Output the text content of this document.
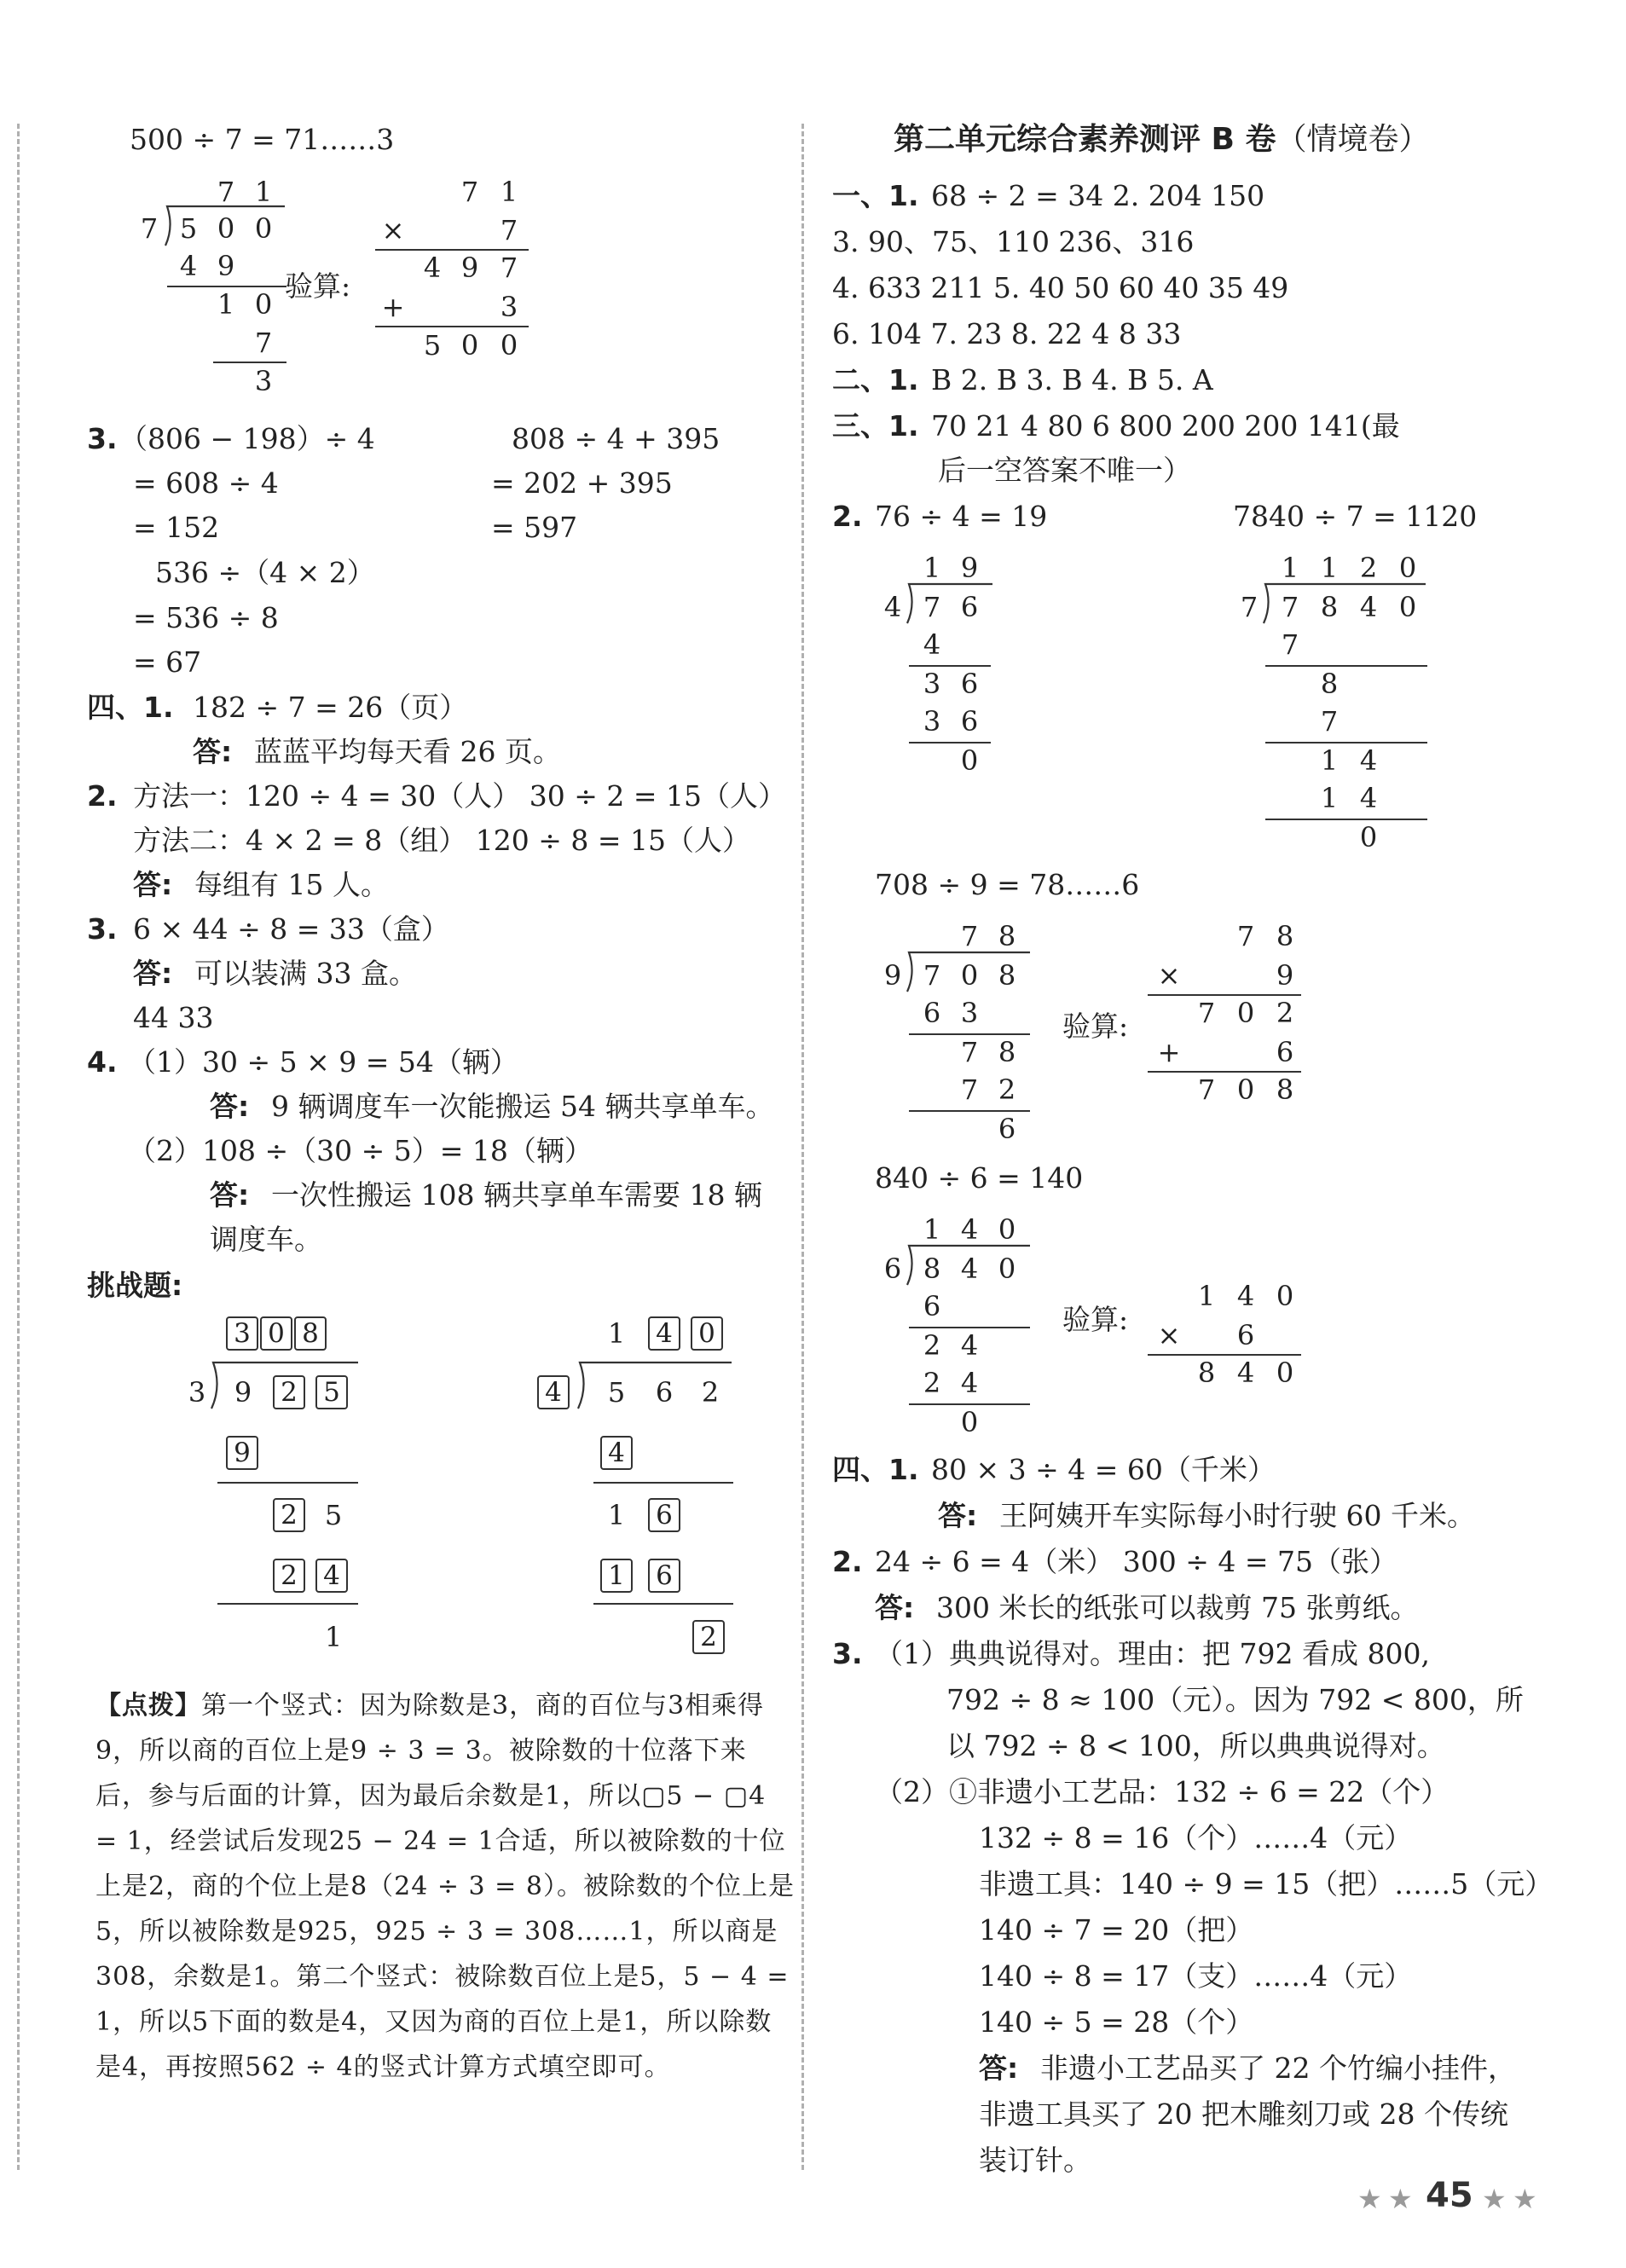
500 ÷ 7 = 71……3
7 1
7 5 0 0
4 9
1 0
7
3
验算:
7 1
×	7
4 9 7
+	3
5 0 0
3. （806 − 198）÷ 4
= 608 ÷ 4
= 152
808 ÷ 4 + 395
= 202 + 395
= 597
536 ÷（4 × 2）
= 536 ÷ 8
= 67
四、1. 182 ÷ 7 = 26（页）
答: 蓝蓝平均每天看 26 页。
2. 方法一：120 ÷ 4 = 30（人） 30 ÷ 2 = 15（人）
方法二：4 × 2 = 8（组） 120 ÷ 8 = 15（人）
答: 每组有 15 人。
3. 6 × 44 ÷ 8 = 33（盒）
答: 可以装满 33 盒。
44 33
4. （1）30 ÷ 5 × 9 = 54（辆）
答: 9 辆调度车一次能搬运 54 辆共享单车。
（2）108 ÷（30 ÷ 5）= 18（辆）
答: 一次性搬运 108 辆共享单车需要 18 辆
调度车。
挑战题:
3 0 8
3 9 2 5
9
2 5
2 4
1
1 4 0
4 5 6 2
4
1 6
1 6
2
【点拨】第一个竖式：因为除数是3，商的百位与3相乘得9，所以商的百位上是9 ÷ 3 = 3。被除数的十位落下来后，参与后面的计算，因为最后余数是1，所以▢5 − ▢4 = 1，经尝试后发现25 − 24 = 1合适，所以被除数的十位上是2，商的个位上是8（24 ÷ 3 = 8）。被除数的个位上是5，所以被除数是925，925 ÷ 3 = 308……1，所以商是308，余数是1。第二个竖式：被除数百位上是5，5 − 4 = 1，所以5下面的数是4，又因为商的百位上是1，所以除数是4，再按照562 ÷ 4的竖式计算方式填空即可。
第二单元综合素养测评 B 卷（情境卷）
一、1. 68 ÷ 2 = 34 2. 204 150
3. 90、75、110 236、316
4. 633 211 5. 40 50 60 40 35 49
6. 104 7. 23 8. 22 4 8 33
二、1. B 2. B 3. B 4. B 5. A
三、1. 70 21 4 80 6 800 200 200 141(最
后一空答案不唯一）
2. 76 ÷ 4 = 19	7840 ÷ 7 = 1120
1 9
4 7 6
4
3 6
3 6
0
1 1 2 0
7 7 8 4 0
7
8
7
1 4
1 4
0
708 ÷ 9 = 78……6
7 8
9 7 0 8
6 3
7 8
7 2
6
验算:
7 8
×	9
7 0 2
+	6
7 0 8
840 ÷ 6 = 140
1 4 0
6 8 4 0
6
2 4
2 4
0
验算:
1 4 0
× 6
8 4 0
四、1. 80 × 3 ÷ 4 = 60（千米）
答: 王阿姨开车实际每小时行驶 60 千米。
2. 24 ÷ 6 = 4（米） 300 ÷ 4 = 75（张）
答: 300 米长的纸张可以裁剪 75 张剪纸。
3. （1）典典说得对。理由：把 792 看成 800,
792 ÷ 8 ≈ 100（元）。因为 792 < 800，所
以 792 ÷ 8 < 100，所以典典说得对。
（2）①非遗小工艺品：132 ÷ 6 = 22（个）
132 ÷ 8 = 16（个）……4（元）
非遗工具：140 ÷ 9 = 15（把）……5（元）
140 ÷ 7 = 20（把）
140 ÷ 8 = 17（支）……4（元）
140 ÷ 5 = 28（个）
答: 非遗小工艺品买了 22 个竹编小挂件，
非遗工具买了 20 把木雕刻刀或 28 个传统
装订针。
★ ★ 45 ★ ★
